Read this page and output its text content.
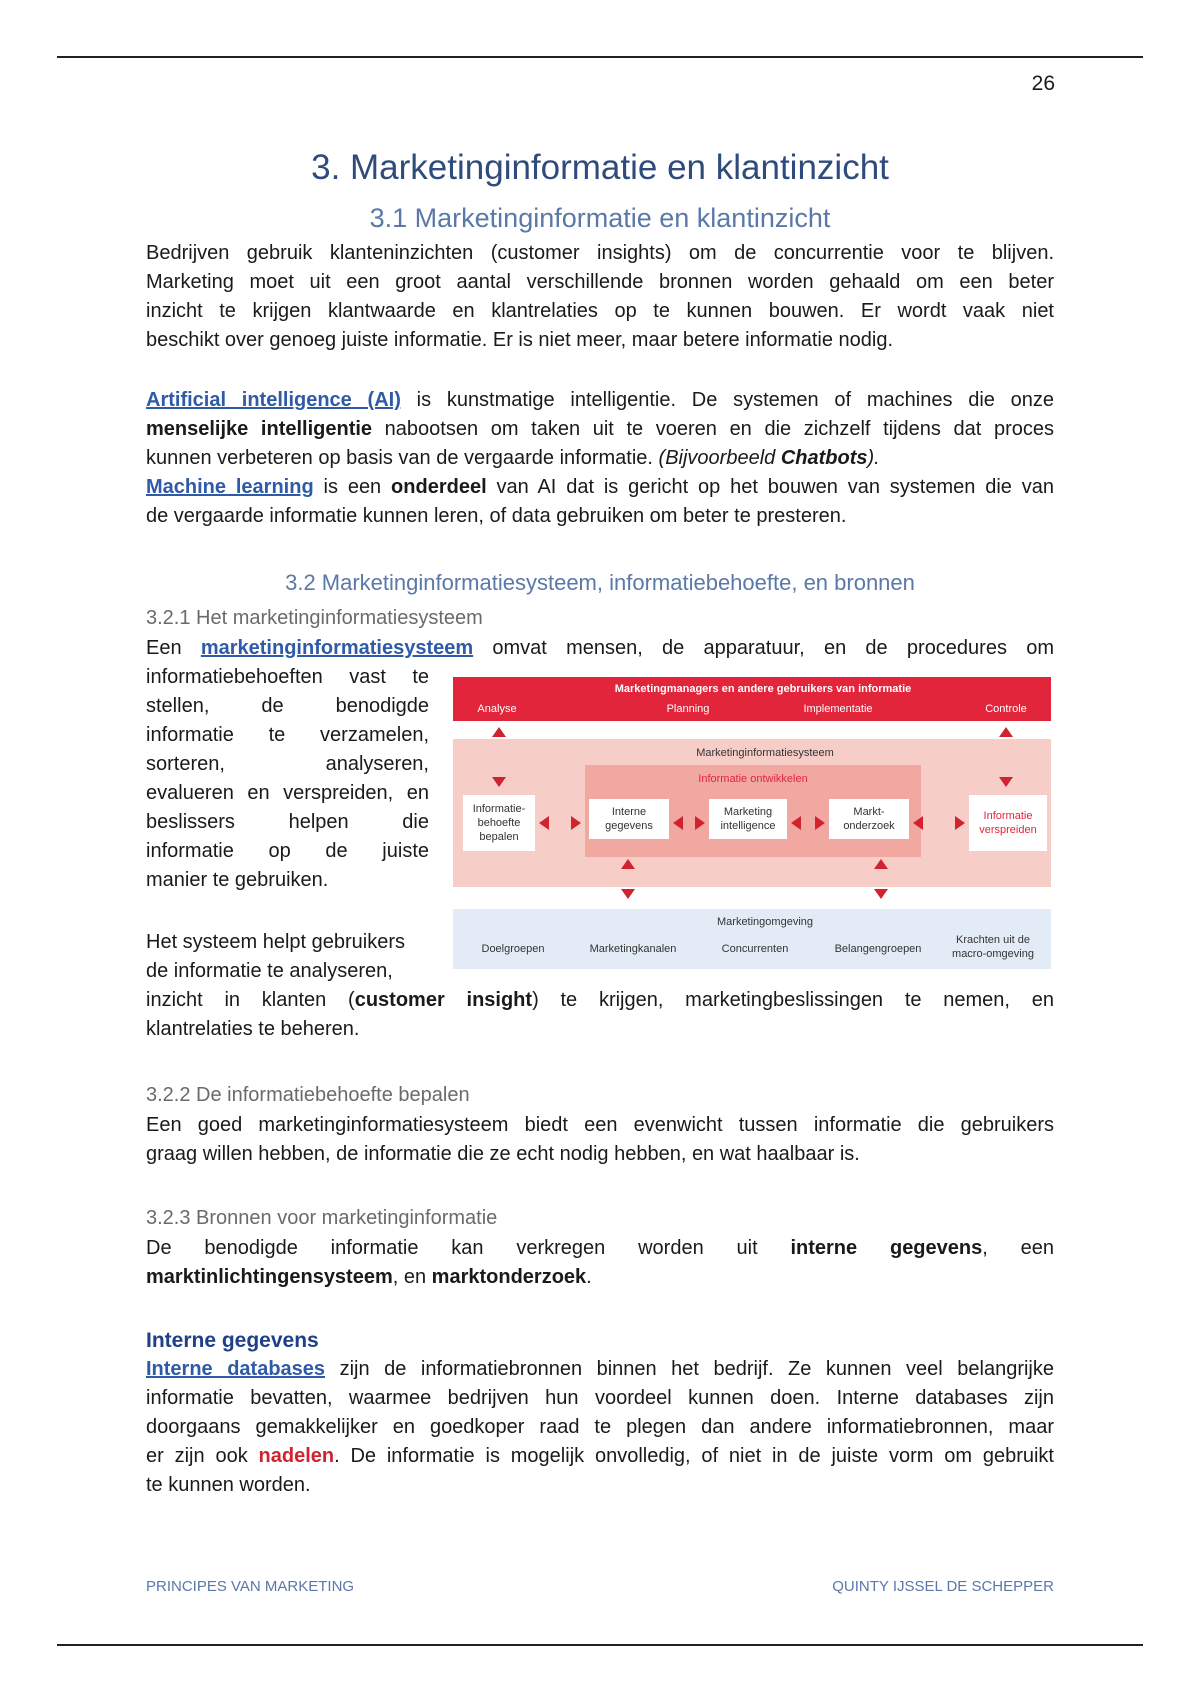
26
3. Marketinginformatie en klantinzicht
3.1 Marketinginformatie en klantinzicht
Bedrijven gebruik klanteninzichten (customer insights) om de concurrentie voor te blijven.
Marketing moet uit een groot aantal verschillende bronnen worden gehaald om een beter
inzicht te krijgen klantwaarde en klantrelaties op te kunnen bouwen. Er wordt vaak niet
beschikt over genoeg juiste informatie. Er is niet meer, maar betere informatie nodig.
Artificial intelligence (AI) is kunstmatige intelligentie. De systemen of machines die onze
menselijke intelligentie nabootsen om taken uit te voeren en die zichzelf tijdens dat proces
kunnen verbeteren op basis van de vergaarde informatie. (Bijvoorbeeld Chatbots).
Machine learning is een onderdeel van AI dat is gericht op het bouwen van systemen die van
de vergaarde informatie kunnen leren, of data gebruiken om beter te presteren.
3.2 Marketinginformatiesysteem, informatiebehoefte, en bronnen
3.2.1 Het marketinginformatiesysteem
Een marketinginformatiesysteem omvat mensen, de apparatuur, en de procedures om
informatiebehoeften vast te
stellen, de benodigde
informatie te verzamelen,
sorteren, analyseren,
evalueren en verspreiden, en
beslissers helpen die
informatie op de juiste
manier te gebruiken.
Het systeem helpt gebruikers
de informatie te analyseren,
inzicht in klanten (customer insight) te krijgen, marketingbeslissingen te nemen, en
klantrelaties te beheren.
3.2.2 De informatiebehoefte bepalen
Een goed marketinginformatiesysteem biedt een evenwicht tussen informatie die gebruikers
graag willen hebben, de informatie die ze echt nodig hebben, en wat haalbaar is.
3.2.3 Bronnen voor marketinginformatie
De benodigde informatie kan verkregen worden uit interne gegevens, een
marktinlichtingensysteem, en marktonderzoek.
Interne gegevens
Interne databases zijn de informatiebronnen binnen het bedrijf. Ze kunnen veel belangrijke
informatie bevatten, waarmee bedrijven hun voordeel kunnen doen. Interne databases zijn
doorgaans gemakkelijker en goedkoper raad te plegen dan andere informatiebronnen, maar
er zijn ook nadelen. De informatie is mogelijk onvolledig, of niet in de juiste vorm om gebruikt
te kunnen worden.
PRINCIPES VAN MARKETING	QUINTY IJSSEL DE SCHEPPER
Marketingmanagers en andere gebruikers van informatie
Analyse	Planning	Implementatie	Controle
Marketinginformatiesysteem
Informatie ontwikkelen
Informatie-
behoefte
bepalen
Interne
gegevens
Marketing
intelligence
Markt-
onderzoek
Informatie
verspreiden
Marketingomgeving
Doelgroepen	Marketingkanalen	Concurrenten	Belangengroepen
Krachten uit de
macro-omgeving
